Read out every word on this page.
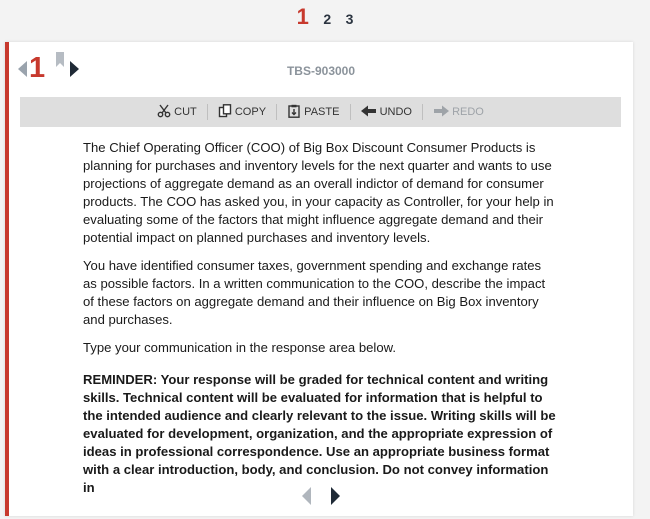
1 2 3
1	TBS-903000
CUT	COPY	PASTE	UNDO	REDO

The Chief Operating Officer (COO) of Big Box Discount Consumer Products is planning for purchases and inventory levels for the next quarter and wants to use projections of aggregate demand as an overall indictor of demand for consumer products. The COO has asked you, in your capacity as Controller, for your help in evaluating some of the factors that might influence aggregate demand and their potential impact on planned purchases and inventory levels.

You have identified consumer taxes, government spending and exchange rates as possible factors. In a written communication to the COO, describe the impact of these factors on aggregate demand and their influence on Big Box inventory and purchases.

Type your communication in the response area below.

REMINDER: Your response will be graded for technical content and writing skills. Technical content will be evaluated for information that is helpful to the intended audience and clearly relevant to the issue. Writing skills will be evaluated for development, organization, and the appropriate expression of ideas in professional correspondence. Use an appropriate business format with a clear introduction, body, and conclusion. Do not convey information in
